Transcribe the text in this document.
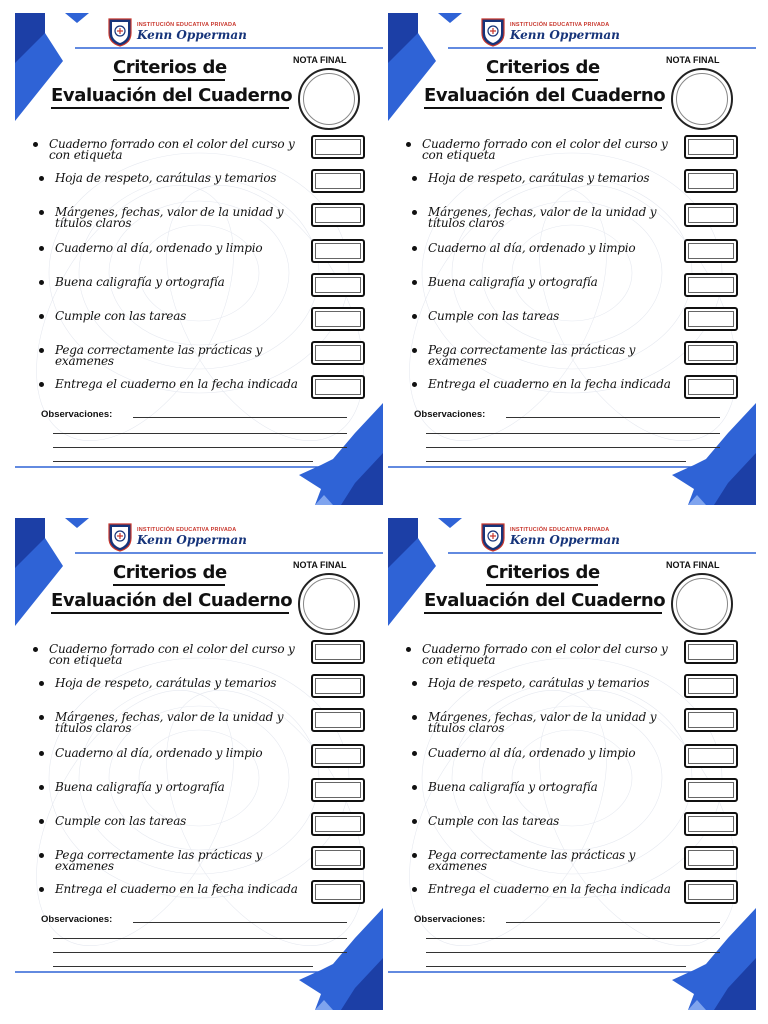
INSTITUCIÓN EDUCATIVA PRIVADA
Kenn Opperman
Criterios de
Evaluación del Cuaderno
NOTA FINAL
Cuaderno forrado con el color del curso y con etiqueta
Hoja de respeto, carátulas y temarios
Márgenes, fechas, valor de la unidad y títulos claros
Cuaderno al día, ordenado y limpio
Buena caligrafía y ortografía
Cumple con las tareas
Pega correctamente las prácticas y exámenes
Entrega el cuaderno en la fecha indicada
Observaciones:
INSTITUCIÓN EDUCATIVA PRIVADA
Kenn Opperman
Criterios de
Evaluación del Cuaderno
NOTA FINAL
Cuaderno forrado con el color del curso y con etiqueta
Hoja de respeto, carátulas y temarios
Márgenes, fechas, valor de la unidad y títulos claros
Cuaderno al día, ordenado y limpio
Buena caligrafía y ortografía
Cumple con las tareas
Pega correctamente las prácticas y exámenes
Entrega el cuaderno en la fecha indicada
Observaciones:
INSTITUCIÓN EDUCATIVA PRIVADA
Kenn Opperman
Criterios de
Evaluación del Cuaderno
NOTA FINAL
Cuaderno forrado con el color del curso y con etiqueta
Hoja de respeto, carátulas y temarios
Márgenes, fechas, valor de la unidad y títulos claros
Cuaderno al día, ordenado y limpio
Buena caligrafía y ortografía
Cumple con las tareas
Pega correctamente las prácticas y exámenes
Entrega el cuaderno en la fecha indicada
Observaciones:
INSTITUCIÓN EDUCATIVA PRIVADA
Kenn Opperman
Criterios de
Evaluación del Cuaderno
NOTA FINAL
Cuaderno forrado con el color del curso y con etiqueta
Hoja de respeto, carátulas y temarios
Márgenes, fechas, valor de la unidad y títulos claros
Cuaderno al día, ordenado y limpio
Buena caligrafía y ortografía
Cumple con las tareas
Pega correctamente las prácticas y exámenes
Entrega el cuaderno en la fecha indicada
Observaciones:
